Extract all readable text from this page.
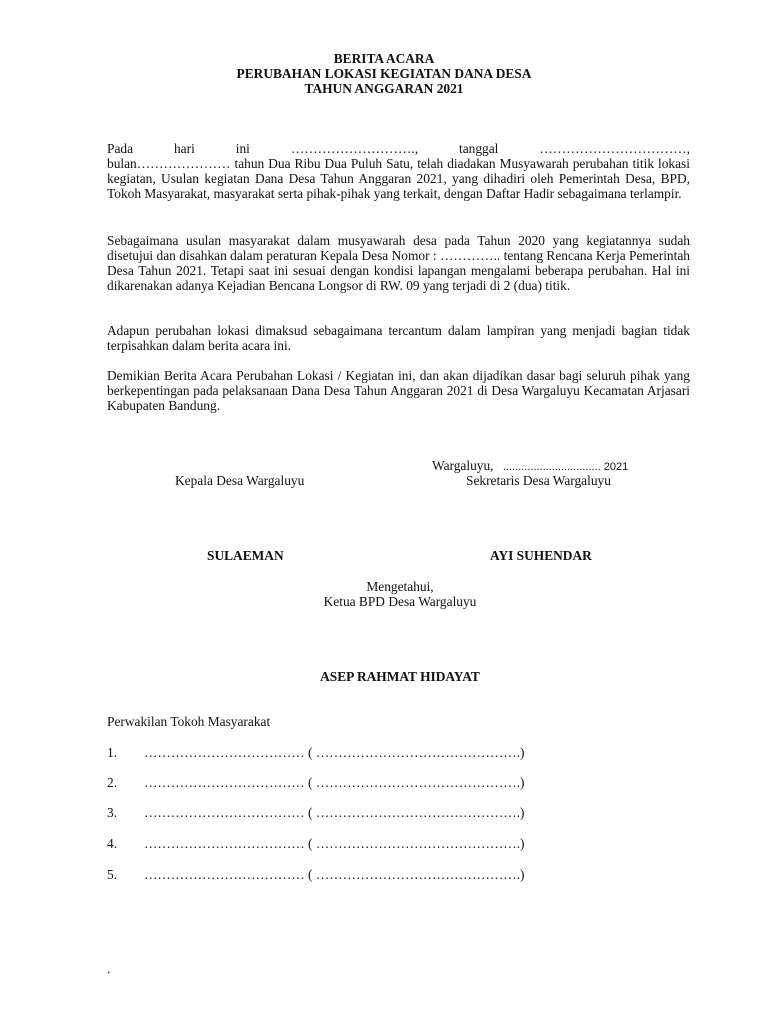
BERITA ACARA
PERUBAHAN LOKASI KEGIATAN DANA DESA
TAHUN ANGGARAN 2021
Pada hari ini ………………………., tanggal ……………………………,
bulan………………… tahun Dua Ribu Dua Puluh Satu, telah diadakan Musyawarah perubahan titik lokasi kegiatan, Usulan kegiatan Dana Desa Tahun Anggaran 2021, yang dihadiri oleh Pemerintah Desa, BPD, Tokoh Masyarakat, masyarakat serta pihak-pihak yang terkait, dengan Daftar Hadir sebagaimana terlampir.

Sebagaimana usulan masyarakat dalam musyawarah desa pada Tahun 2020 yang kegiatannya sudah disetujui dan disahkan dalam peraturan Kepala Desa Nomor : ………….. tentang Rencana Kerja Pemerintah Desa Tahun 2021. Tetapi saat ini sesuai dengan kondisi lapangan mengalami beberapa perubahan. Hal ini dikarenakan adanya Kejadian Bencana Longsor di RW. 09 yang terjadi di 2 (dua) titik.

Adapun perubahan lokasi dimaksud sebagaimana tercantum dalam lampiran yang menjadi bagian tidak terpisahkan dalam berita acara ini.

Demikian Berita Acara Perubahan Lokasi / Kegiatan ini, dan akan dijadikan dasar bagi seluruh pihak yang berkepentingan pada pelaksanaan Dana Desa Tahun Anggaran 2021 di Desa Wargaluyu Kecamatan Arjasari Kabupaten Bandung.

Wargaluyu, ................................ 2021
Kepala Desa Wargaluyu	Sekretaris Desa Wargaluyu
SULAEMAN	AYI SUHENDAR
Mengetahui,
Ketua BPD Desa Wargaluyu
ASEP RAHMAT HIDAYAT
Perwakilan Tokoh Masyarakat
1. ……………………………… ( ……………………………………….)
2. ……………………………… ( ……………………………………….)
3. ……………………………… ( ……………………………………….)
4. ……………………………… ( ……………………………………….)
5. ……………………………… ( ……………………………………….)
‘
